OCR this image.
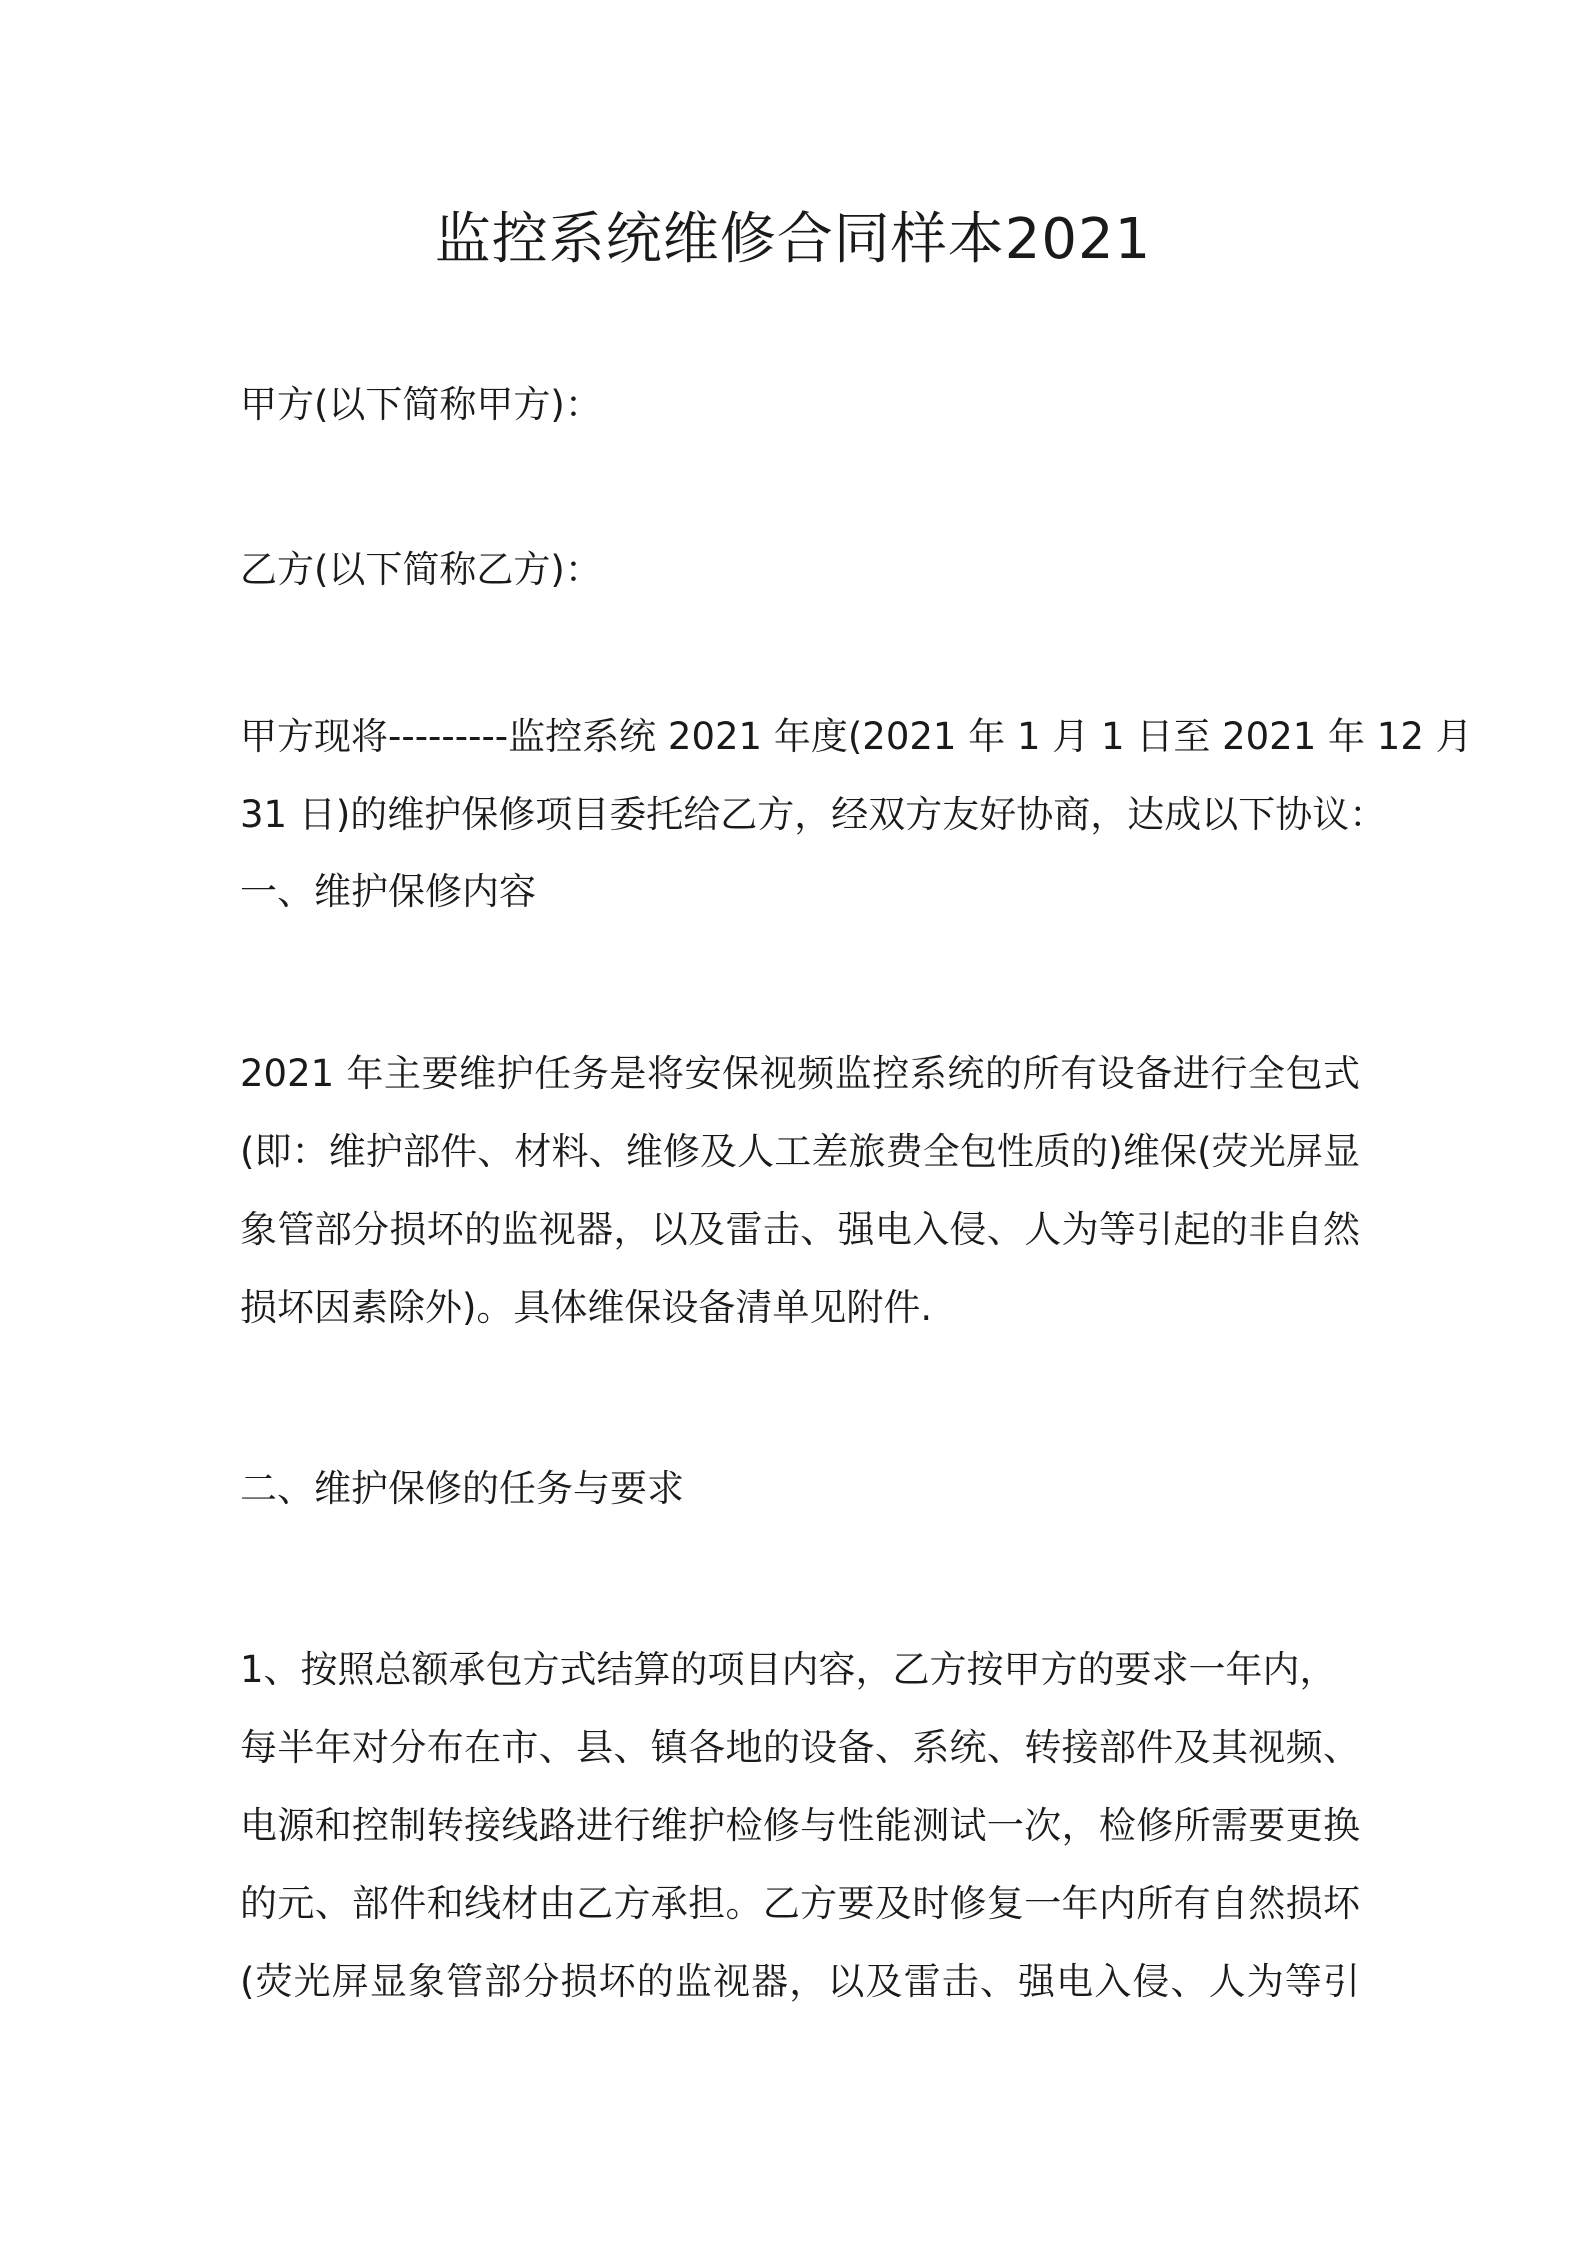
监控系统维修合同样本2021

甲方(以下简称甲方)：

乙方(以下简称乙方)：

甲方现将---------监控系统 2021 年度(2021 年 1 月 1 日至 2021 年 12 月

31 日)的维护保修项目委托给乙方，经双方友好协商，达成以下协议：

一、维护保修内容

2021 年主要维护任务是将安保视频监控系统的所有设备进行全包式

(即：维护部件、材料、维修及人工差旅费全包性质的)维保(荧光屏显

象管部分损坏的监视器，以及雷击、强电入侵、人为等引起的非自然

损坏因素除外)。具体维保设备清单见附件.

二、维护保修的任务与要求

1、按照总额承包方式结算的项目内容，乙方按甲方的要求一年内，

每半年对分布在市、县、镇各地的设备、系统、转接部件及其视频、

电源和控制转接线路进行维护检修与性能测试一次，检修所需要更换

的元、部件和线材由乙方承担。乙方要及时修复一年内所有自然损坏

(荧光屏显象管部分损坏的监视器，以及雷击、强电入侵、人为等引
